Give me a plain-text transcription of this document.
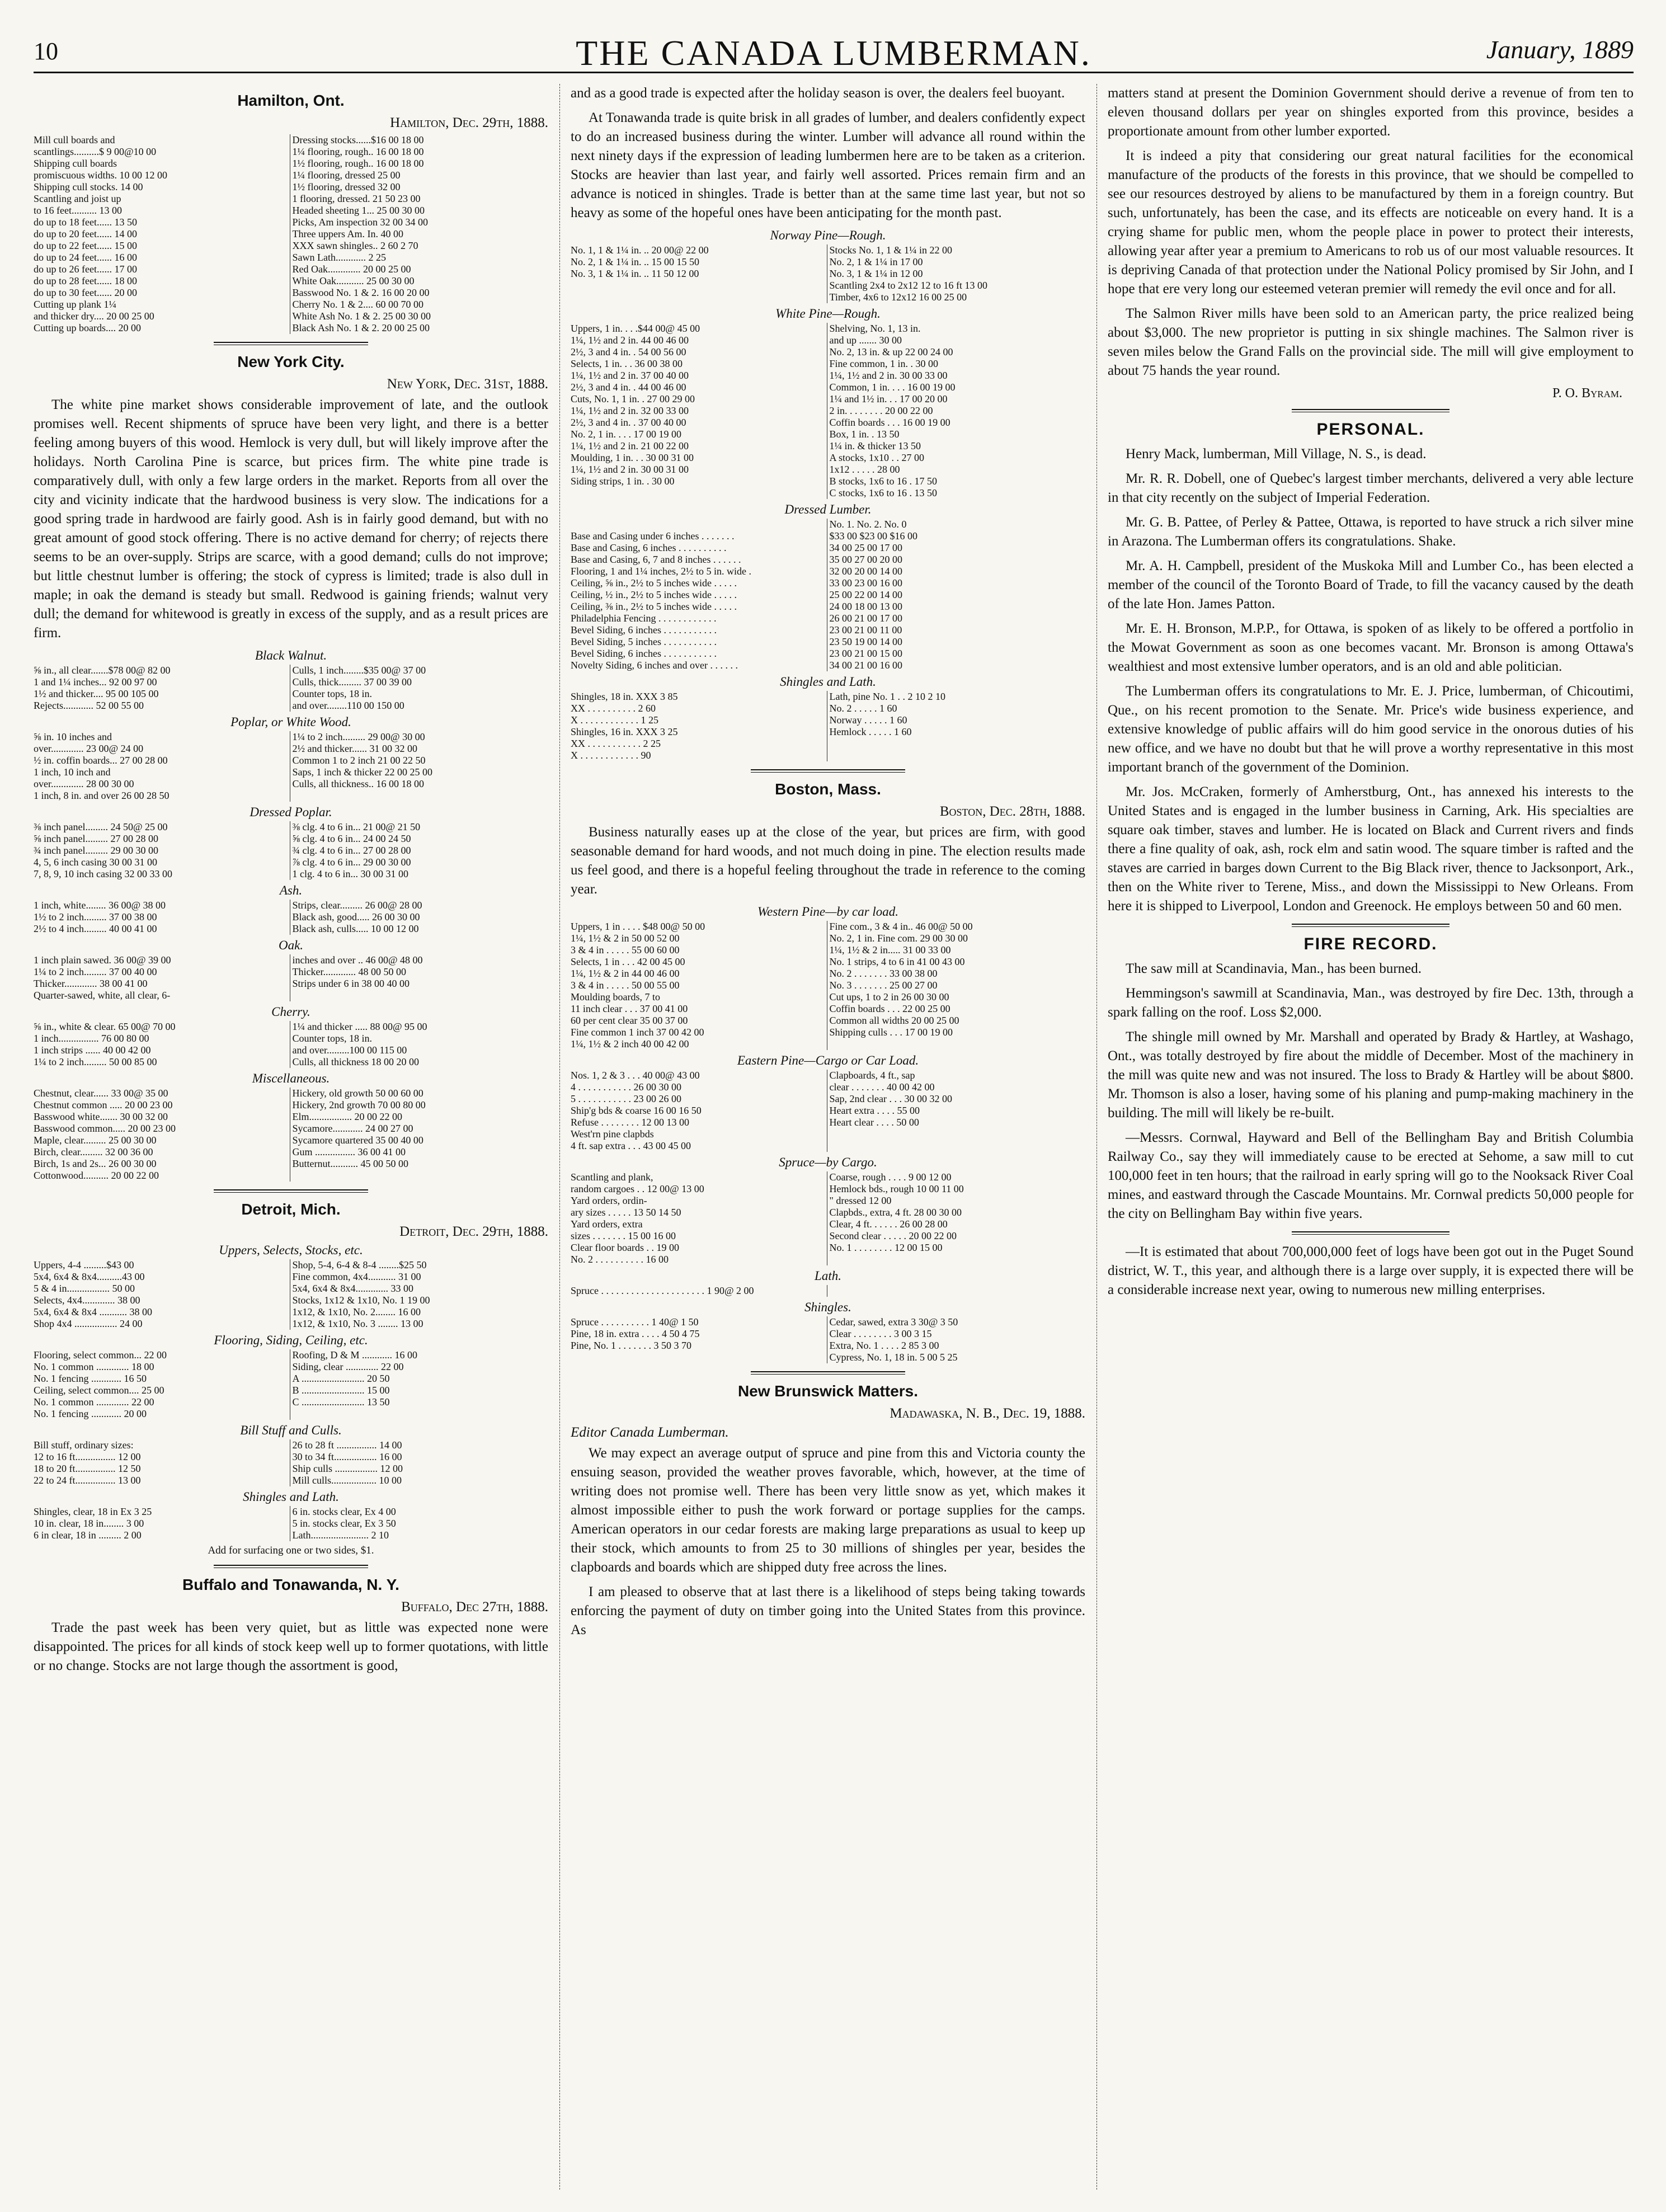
10	THE CANADA LUMBERMAN.	January, 1889
Hamilton, Ont.
Hamilton, Dec. 29th, 1888.
Mill cull boards and	Dressing stocks......$16 00 18 00
scantlings..........$ 9 00@10 00	1¼ flooring, rough.. 16 00 18 00
Shipping cull boards	1½ flooring, rough.. 16 00 18 00
promiscuous widths. 10 00 12 00	1¼ flooring, dressed 25 00
Shipping cull stocks. 14 00	1½ flooring, dressed 32 00
Scantling and joist up	1 flooring, dressed. 21 50 23 00
to 16 feet.......... 13 00	Headed sheeting 1... 25 00 30 00
do up to 18 feet...... 13 50	Picks, Am inspection 32 00 34 00
do up to 20 feet...... 14 00	Three uppers Am. In. 40 00
do up to 22 feet...... 15 00	XXX sawn shingles.. 2 60 2 70
do up to 24 feet...... 16 00	Sawn Lath............ 2 25
do up to 26 feet...... 17 00	Red Oak............. 20 00 25 00
do up to 28 feet...... 18 00	White Oak........... 25 00 30 00
do up to 30 feet...... 20 00	Basswood No. 1 & 2. 16 00 20 00
Cutting up plank 1¼	Cherry No. 1 & 2.... 60 00 70 00
and thicker dry.... 20 00 25 00	White Ash No. 1 & 2. 25 00 30 00
Cutting up boards.... 20 00	Black Ash No. 1 & 2. 20 00 25 00
New York City.
New York, Dec. 31st, 1888.

The white pine market shows considerable improvement of late, and the outlook promises well. Recent shipments of spruce have been very light, and there is a better feeling among buyers of this wood. Hemlock is very dull, but will likely improve after the holidays. North Carolina Pine is scarce, but prices firm. The white pine trade is comparatively dull, with only a few large orders in the market. Reports from all over the city and vicinity indicate that the hardwood business is very slow. The indications for a good spring trade in hardwood are fairly good. Ash is in fairly good demand, but with no great amount of good stock offering. There is no active demand for cherry; of rejects there seems to be an over-supply. Strips are scarce, with a good demand; culls do not improve; but little chestnut lumber is offering; the stock of cypress is limited; trade is also dull in maple; in oak the demand is steady but small. Redwood is gaining friends; walnut very dull; the demand for whitewood is greatly in excess of the supply, and as a result prices are firm.

Black Walnut.
⅝ in., all clear.......$78 00@ 82 00	Culls, 1 inch........$35 00@ 37 00
1 and 1¼ inches... 92 00 97 00	Culls, thick......... 37 00 39 00
1½ and thicker.... 95 00 105 00	Counter tops, 18 in.
Rejects............ 52 00 55 00	and over........110 00 150 00
Poplar, or White Wood.
⅝ in. 10 inches and	1¼ to 2 inch......... 29 00@ 30 00
over............. 23 00@ 24 00	2½ and thicker...... 31 00 32 00
½ in. coffin boards... 27 00 28 00	Common 1 to 2 inch 21 00 22 50
1 inch, 10 inch and	Saps, 1 inch & thicker 22 00 25 00
over............. 28 00 30 00	Culls, all thickness.. 16 00 18 00
1 inch, 8 in. and over 26 00 28 50
Dressed Poplar.
⅜ inch panel......... 24 50@ 25 00	⅜ clg. 4 to 6 in... 21 00@ 21 50
⅝ inch panel......... 27 00 28 00	⅝ clg. 4 to 6 in... 24 00 24 50
¾ inch panel......... 29 00 30 00	¾ clg. 4 to 6 in... 27 00 28 00
4, 5, 6 inch casing 30 00 31 00	⅞ clg. 4 to 6 in... 29 00 30 00
7, 8, 9, 10 inch casing 32 00 33 00	1 clg. 4 to 6 in... 30 00 31 00
Ash.
1 inch, white........ 36 00@ 38 00	Strips, clear......... 26 00@ 28 00
1½ to 2 inch......... 37 00 38 00	Black ash, good..... 26 00 30 00
2½ to 4 inch......... 40 00 41 00	Black ash, culls..... 10 00 12 00
Oak.
1 inch plain sawed. 36 00@ 39 00	inches and over .. 46 00@ 48 00
1¼ to 2 inch......... 37 00 40 00	Thicker............. 48 00 50 00
Thicker............. 38 00 41 00	Strips under 6 in 38 00 40 00
Quarter-sawed, white, all clear, 6-
Cherry.
⅝ in., white & clear. 65 00@ 70 00	1¼ and thicker ..... 88 00@ 95 00
1 inch................ 76 00 80 00	Counter tops, 18 in.
1 inch strips ...... 40 00 42 00	and over.........100 00 115 00
1¼ to 2 inch......... 50 00 85 00	Culls, all thickness 18 00 20 00
Miscellaneous.
Chestnut, clear...... 33 00@ 35 00	Hickery, old growth 50 00 60 00
Chestnut common ..... 20 00 23 00	Hickery, 2nd growth 70 00 80 00
Basswood white....... 30 00 32 00	Elm................. 20 00 22 00
Basswood common..... 20 00 23 00	Sycamore............ 24 00 27 00
Maple, clear......... 25 00 30 00	Sycamore quartered 35 00 40 00
Birch, clear......... 32 00 36 00	Gum ................ 36 00 41 00
Birch, 1s and 2s... 26 00 30 00	Butternut........... 45 00 50 00
Cottonwood.......... 20 00 22 00
Detroit, Mich.
Detroit, Dec. 29th, 1888.
Uppers, Selects, Stocks, etc.
Uppers, 4-4 .........$43 00	Shop, 5-4, 6-4 & 8-4 ........$25 50
5x4, 6x4 & 8x4..........43 00	Fine common, 4x4........... 31 00
5 & 4 in................. 50 00	5x4, 6x4 & 8x4............. 33 00
Selects, 4x4............. 38 00	Stocks, 1x12 & 1x10, No. 1 19 00
5x4, 6x4 & 8x4 ........... 38 00	1x12, & 1x10, No. 2........ 16 00
Shop 4x4 ................. 24 00	1x12, & 1x10, No. 3 ........ 13 00
Flooring, Siding, Ceiling, etc.
Flooring, select common... 22 00	Roofing, D & M ............ 16 00
No. 1 common ............. 18 00	Siding, clear ............. 22 00
No. 1 fencing ............ 16 50	A ......................... 20 50
Ceiling, select common.... 25 00	B ......................... 15 00
No. 1 common ............. 22 00	C ......................... 13 50
No. 1 fencing ............ 20 00
Bill Stuff and Culls.
Bill stuff, ordinary sizes:	26 to 28 ft ................ 14 00
12 to 16 ft................ 12 00	30 to 34 ft................. 16 00
18 to 20 ft................ 12 50	Ship culls ................. 12 00
22 to 24 ft................ 13 00	Mill culls.................. 10 00
Shingles and Lath.
Shingles, clear, 18 in Ex 3 25	6 in. stocks clear, Ex 4 00
10 in. clear, 18 in........ 3 00	5 in. stocks clear, Ex 3 50
6 in clear, 18 in ......... 2 00	Lath....................... 2 10
Add for surfacing one or two sides, $1.
Buffalo and Tonawanda, N. Y.
Buffalo, Dec 27th, 1888.

Trade the past week has been very quiet, but as little was expected none were disappointed. The prices for all kinds of stock keep well up to former quotations, with little or no change. Stocks are not large though the assortment is good,

and as a good trade is expected after the holiday season is over, the dealers feel buoyant.

At Tonawanda trade is quite brisk in all grades of lumber, and dealers confidently expect to do an increased business during the winter. Lumber will advance all round within the next ninety days if the expression of leading lumbermen here are to be taken as a criterion. Stocks are heavier than last year, and fairly well assorted. Prices remain firm and an advance is noticed in shingles. Trade is better than at the same time last year, but not so heavy as some of the hopeful ones have been anticipating for the month past.

Norway Pine—Rough.
No. 1, 1 & 1¼ in. .. 20 00@ 22 00	Stocks No. 1, 1 & 1¼ in 22 00
No. 2, 1 & 1¼ in. .. 15 00 15 50	No. 2, 1 & 1¼ in 17 00
No. 3, 1 & 1¼ in. .. 11 50 12 00	No. 3, 1 & 1¼ in 12 00
Scantling 2x4 to 2x12 12 to 16 ft 13 00
Timber, 4x6 to 12x12 16 00 25 00
White Pine—Rough.
Uppers, 1 in. . . .$44 00@ 45 00	Shelving, No. 1, 13 in.
1¼, 1½ and 2 in. 44 00 46 00	and up ....... 30 00
2½, 3 and 4 in. . 54 00 56 00	No. 2, 13 in. & up 22 00 24 00
Selects, 1 in. . . 36 00 38 00	Fine common, 1 in. . 30 00
1¼, 1½ and 2 in. 37 00 40 00	1¼, 1½ and 2 in. 30 00 33 00
2½, 3 and 4 in. . 44 00 46 00	Common, 1 in. . . . 16 00 19 00
Cuts, No. 1, 1 in. . 27 00 29 00	1¼ and 1½ in. . . 17 00 20 00
1¼, 1½ and 2 in. 32 00 33 00	2 in. . . . . . . . 20 00 22 00
2½, 3 and 4 in. . 37 00 40 00	Coffin boards . . . 16 00 19 00
No. 2, 1 in. . . . 17 00 19 00	Box, 1 in. . 13 50
1¼, 1½ and 2 in. 21 00 22 00	1¼ in. & thicker 13 50
Moulding, 1 in. . . 30 00 31 00	A stocks, 1x10 . . 27 00
1¼, 1½ and 2 in. 30 00 31 00	1x12 . . . . . 28 00
Siding strips, 1 in. . 30 00	B stocks, 1x6 to 16 . 17 50
C stocks, 1x6 to 16 . 13 50
Dressed Lumber.
No. 1. No. 2. No. 0
Base and Casing under 6 inches . . . . . . .	$33 00 $23 00 $16 00
Base and Casing, 6 inches . . . . . . . . . .	34 00 25 00 17 00
Base and Casing, 6, 7 and 8 inches . . . . . .	35 00 27 00 20 00
Flooring, 1 and 1¼ inches, 2½ to 5 in. wide .	32 00 20 00 14 00
Ceiling, ⅝ in., 2½ to 5 inches wide . . . . .	33 00 23 00 16 00
Ceiling, ½ in., 2½ to 5 inches wide . . . . .	25 00 22 00 14 00
Ceiling, ⅜ in., 2½ to 5 inches wide . . . . .	24 00 18 00 13 00
Philadelphia Fencing . . . . . . . . . . . .	26 00 21 00 17 00
Bevel Siding, 6 inches . . . . . . . . . . .	23 00 21 00 11 00
Bevel Siding, 5 inches . . . . . . . . . . .	23 50 19 00 14 00
Bevel Siding, 6 inches . . . . . . . . . . .	23 00 21 00 15 00
Novelty Siding, 6 inches and over . . . . . .	34 00 21 00 16 00
Shingles and Lath.
Shingles, 18 in. XXX 3 85	Lath, pine No. 1 . . 2 10 2 10
XX . . . . . . . . . . 2 60	No. 2 . . . . . 1 60
X . . . . . . . . . . . . 1 25	Norway . . . . . 1 60
Shingles, 16 in. XXX 3 25	Hemlock . . . . . 1 60
XX . . . . . . . . . . . 2 25
X . . . . . . . . . . . . 90
Boston, Mass.
Boston, Dec. 28th, 1888.

Business naturally eases up at the close of the year, but prices are firm, with good seasonable demand for hard woods, and not much doing in pine. The election results made us feel good, and there is a hopeful feeling throughout the trade in reference to the coming year.

Western Pine—by car load.
Uppers, 1 in . . . . $48 00@ 50 00	Fine com., 3 & 4 in.. 46 00@ 50 00
1¼, 1½ & 2 in 50 00 52 00	No. 2, 1 in. Fine com. 29 00 30 00
3 & 4 in . . . . . 55 00 60 00	1¼, 1½ & 2 in..... 31 00 33 00
Selects, 1 in . . . 42 00 45 00	No. 1 strips, 4 to 6 in 41 00 43 00
1¼, 1½ & 2 in 44 00 46 00	No. 2 . . . . . . . 33 00 38 00
3 & 4 in . . . . . 50 00 55 00	No. 3 . . . . . . . 25 00 27 00
Moulding boards, 7 to	Cut ups, 1 to 2 in 26 00 30 00
11 inch clear . . . 37 00 41 00	Coffin boards . . . 22 00 25 00
60 per cent clear 35 00 37 00	Common all widths 20 00 25 00
Fine common 1 inch 37 00 42 00	Shipping culls . . . 17 00 19 00
1¼, 1½ & 2 inch 40 00 42 00
Eastern Pine—Cargo or Car Load.
Nos. 1, 2 & 3 . . . 40 00@ 43 00	Clapboards, 4 ft., sap
4 . . . . . . . . . . . 26 00 30 00	clear . . . . . . . 40 00 42 00
5 . . . . . . . . . . . 23 00 26 00	Sap, 2nd clear . . . 30 00 32 00
Ship'g bds & coarse 16 00 16 50	Heart extra . . . . 55 00
Refuse . . . . . . . . 12 00 13 00	Heart clear . . . . 50 00
West'rn pine clapbds
4 ft. sap extra . . . 43 00 45 00
Spruce—by Cargo.
Scantling and plank,	Coarse, rough . . . . 9 00 12 00
random cargoes . . 12 00@ 13 00	Hemlock bds., rough 10 00 11 00
Yard orders, ordin-	" dressed 12 00
ary sizes . . . . . 13 50 14 50	Clapbds., extra, 4 ft. 28 00 30 00
Yard orders, extra	Clear, 4 ft. . . . . . 26 00 28 00
sizes . . . . . . . 15 00 16 00	Second clear . . . . . 20 00 22 00
Clear floor boards . . 19 00	No. 1 . . . . . . . . 12 00 15 00
No. 2 . . . . . . . . . . 16 00
Lath.
Spruce . . . . . . . . . . . . . . . . . . . . . 1 90@ 2 00
Shingles.
Spruce . . . . . . . . . . 1 40@ 1 50	Cedar, sawed, extra 3 30@ 3 50
Pine, 18 in. extra . . . . 4 50 4 75	Clear . . . . . . . . 3 00 3 15
Pine, No. 1 . . . . . . . 3 50 3 70	Extra, No. 1 . . . . 2 85 3 00
Cypress, No. 1, 18 in. 5 00 5 25
New Brunswick Matters.
Madawaska, N. B., Dec. 19, 1888.
Editor Canada Lumberman.

We may expect an average output of spruce and pine from this and Victoria county the ensuing season, provided the weather proves favorable, which, however, at the time of writing does not promise well. There has been very little snow as yet, which makes it almost impossible either to push the work forward or portage supplies for the camps. American operators in our cedar forests are making large preparations as usual to keep up their stock, which amounts to from 25 to 30 millions of shingles per year, besides the clapboards and boards which are shipped duty free across the lines.

I am pleased to observe that at last there is a likelihood of steps being taking towards enforcing the payment of duty on timber going into the United States from this province. As

matters stand at present the Dominion Government should derive a revenue of from ten to eleven thousand dollars per year on shingles exported from this province, besides a proportionate amount from other lumber exported.

It is indeed a pity that considering our great natural facilities for the economical manufacture of the products of the forests in this province, that we should be compelled to see our resources destroyed by aliens to be manufactured by them in a foreign country. But such, unfortunately, has been the case, and its effects are noticeable on every hand. It is a crying shame for public men, whom the people place in power to protect their interests, allowing year after year a premium to Americans to rob us of our most valuable resources. It is depriving Canada of that protection under the National Policy promised by Sir John, and I hope that ere very long our esteemed veteran premier will remedy the evil once and for all.

The Salmon River mills have been sold to an American party, the price realized being about $3,000. The new proprietor is putting in six shingle machines. The Salmon river is seven miles below the Grand Falls on the provincial side. The mill will give employment to about 75 hands the year round.

P. O. Byram.
PERSONAL.

Henry Mack, lumberman, Mill Village, N. S., is dead.

Mr. R. R. Dobell, one of Quebec's largest timber merchants, delivered a very able lecture in that city recently on the subject of Imperial Federation.

Mr. G. B. Pattee, of Perley & Pattee, Ottawa, is reported to have struck a rich silver mine in Arazona. The Lumberman offers its congratulations. Shake.

Mr. A. H. Campbell, president of the Muskoka Mill and Lumber Co., has been elected a member of the council of the Toronto Board of Trade, to fill the vacancy caused by the death of the late Hon. James Patton.

Mr. E. H. Bronson, M.P.P., for Ottawa, is spoken of as likely to be offered a portfolio in the Mowat Government as soon as one becomes vacant. Mr. Bronson is among Ottawa's wealthiest and most extensive lumber operators, and is an old and able politician.

The Lumberman offers its congratulations to Mr. E. J. Price, lumberman, of Chicoutimi, Que., on his recent promotion to the Senate. Mr. Price's wide business experience, and extensive knowledge of public affairs will do him good service in the onorous duties of his new office, and we have no doubt but that he will prove a worthy representative in this most important branch of the government of the Dominion.

Mr. Jos. McCraken, formerly of Amherstburg, Ont., has annexed his interests to the United States and is engaged in the lumber business in Carning, Ark. His specialties are square oak timber, staves and lumber. He is located on Black and Current rivers and finds there a fine quality of oak, ash, rock elm and satin wood. The square timber is rafted and the staves are carried in barges down Current to the Big Black river, thence to Jacksonport, Ark., then on the White river to Terene, Miss., and down the Mississippi to New Orleans. From here it is shipped to Liverpool, London and Greenock. He employs between 50 and 60 men.

FIRE RECORD.

The saw mill at Scandinavia, Man., has been burned.

Hemmingson's sawmill at Scandinavia, Man., was destroyed by fire Dec. 13th, through a spark falling on the roof. Loss $2,000.

The shingle mill owned by Mr. Marshall and operated by Brady & Hartley, at Washago, Ont., was totally destroyed by fire about the middle of December. Most of the machinery in the mill was quite new and was not insured. The loss to Brady & Hartley will be about $800. Mr. Thomson is also a loser, having some of his planing and pump-making machinery in the building. The mill will likely be re-built.

—Messrs. Cornwal, Hayward and Bell of the Bellingham Bay and British Columbia Railway Co., say they will immediately cause to be erected at Sehome, a saw mill to cut 100,000 feet in ten hours; that the railroad in early spring will go to the Nooksack River Coal mines, and eastward through the Cascade Mountains. Mr. Cornwal predicts 50,000 people for the city on Bellingham Bay within five years.

—It is estimated that about 700,000,000 feet of logs have been got out in the Puget Sound district, W. T., this year, and although there is a large over supply, it is expected there will be a considerable increase next year, owing to numerous new milling enterprises.
